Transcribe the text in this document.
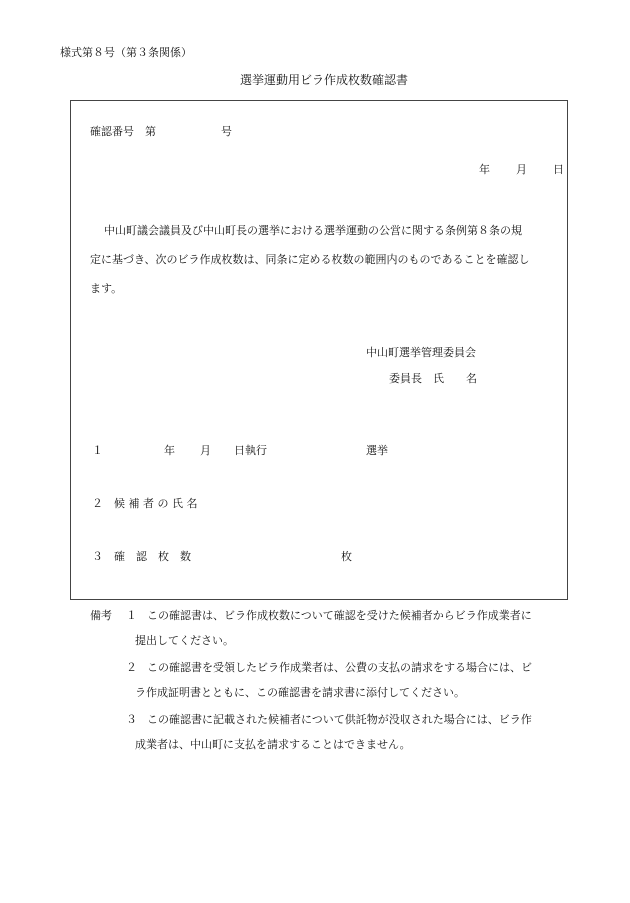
様式第８号（第３条関係）
選挙運動用ビラ作成枚数確認書
確認番号　第	号
年 月 日
中山町議会議員及び中山町長の選挙における選挙運動の公営に関する条例第８条の規
定に基づき、次のビラ作成枚数は、同条に定める枚数の範囲内のものであることを確認し
ます。
中山町選挙管理委員会
委員長　氏　　名
１	年 月 日執行	選挙
２ 候 補 者 の 氏 名
３ 確　認　枚　数	枚
備考 １ この確認書は、ビラ作成枚数について確認を受けた候補者からビラ作成業者に
提出してください。
２ この確認書を受領したビラ作成業者は、公費の支払の請求をする場合には、ビ
ラ作成証明書とともに、この確認書を請求書に添付してください。
３ この確認書に記載された候補者について供託物が没収された場合には、ビラ作
成業者は、中山町に支払を請求することはできません。
